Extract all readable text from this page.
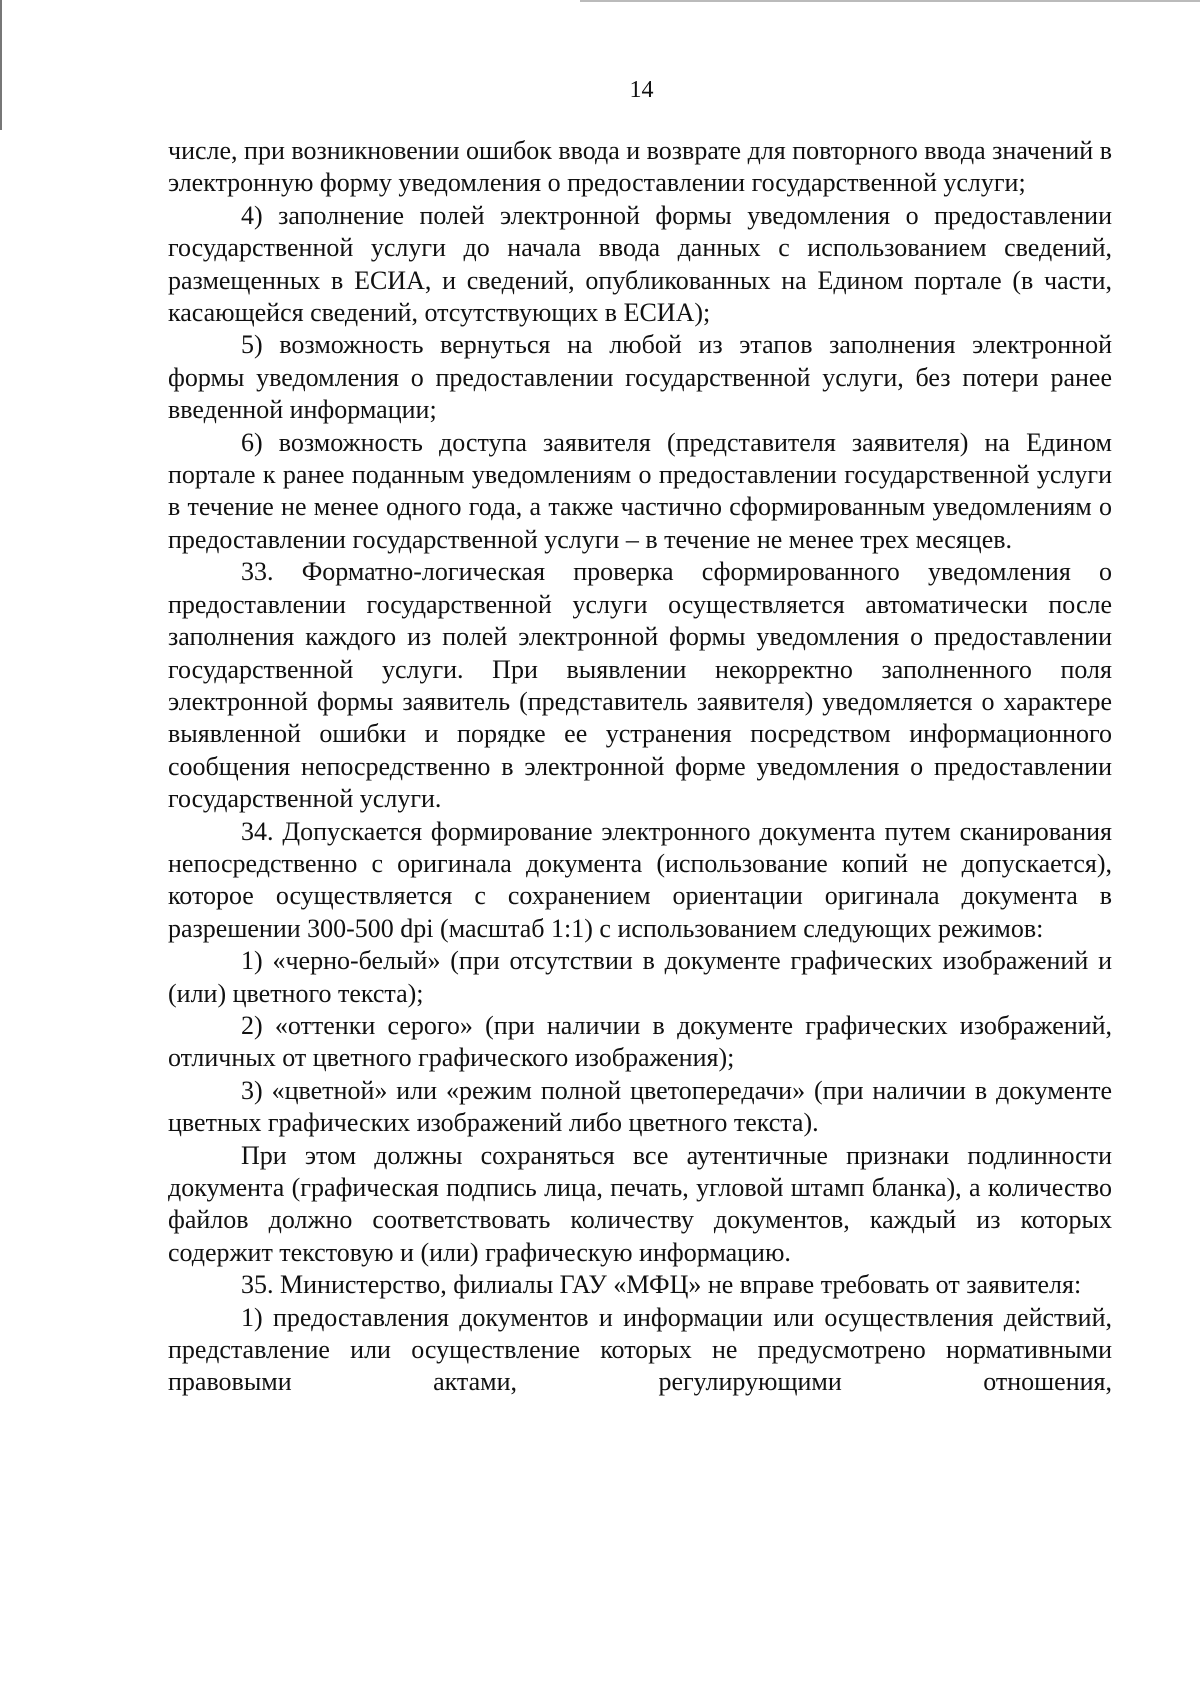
14

числе, при возникновении ошибок ввода и возврате для повторного ввода значений в электронную форму уведомления о предоставлении государственной услуги;

4) заполнение полей электронной формы уведомления о предоставлении государственной услуги до начала ввода данных с использованием сведений, размещенных в ЕСИА, и сведений, опубликованных на Едином портале (в части, касающейся сведений, отсутствующих в ЕСИА);

5) возможность вернуться на любой из этапов заполнения электронной формы уведомления о предоставлении государственной услуги, без потери ранее введенной информации;

6) возможность доступа заявителя (представителя заявителя) на Едином портале к ранее поданным уведомлениям о предоставлении государственной услуги в течение не менее одного года, а также частично сформированным уведомлениям о предоставлении государственной услуги – в течение не менее трех месяцев.

33. Форматно-логическая проверка сформированного уведомления о предоставлении государственной услуги осуществляется автоматически после заполнения каждого из полей электронной формы уведомления о предоставлении государственной услуги. При выявлении некорректно заполненного поля электронной формы заявитель (представитель заявителя) уведомляется о характере выявленной ошибки и порядке ее устранения посредством информационного сообщения непосредственно в электронной форме уведомления о предоставлении государственной услуги.

34. Допускается формирование электронного документа путем сканирования непосредственно с оригинала документа (использование копий не допускается), которое осуществляется с сохранением ориентации оригинала документа в разрешении 300-500 dpi (масштаб 1:1) с использованием следующих режимов:

1) «черно-белый» (при отсутствии в документе графических изображений и (или) цветного текста);

2) «оттенки серого» (при наличии в документе графических изображений, отличных от цветного графического изображения);

3) «цветной» или «режим полной цветопередачи» (при наличии в документе цветных графических изображений либо цветного текста).

При этом должны сохраняться все аутентичные признаки подлинности документа (графическая подпись лица, печать, угловой штамп бланка), а количество файлов должно соответствовать количеству документов, каждый из которых содержит текстовую и (или) графическую информацию.

35. Министерство, филиалы ГАУ «МФЦ» не вправе требовать от заявителя:

1) предоставления документов и информации или осуществления действий, представление или осуществление которых не предусмотрено нормативными правовыми актами, регулирующими отношения,
